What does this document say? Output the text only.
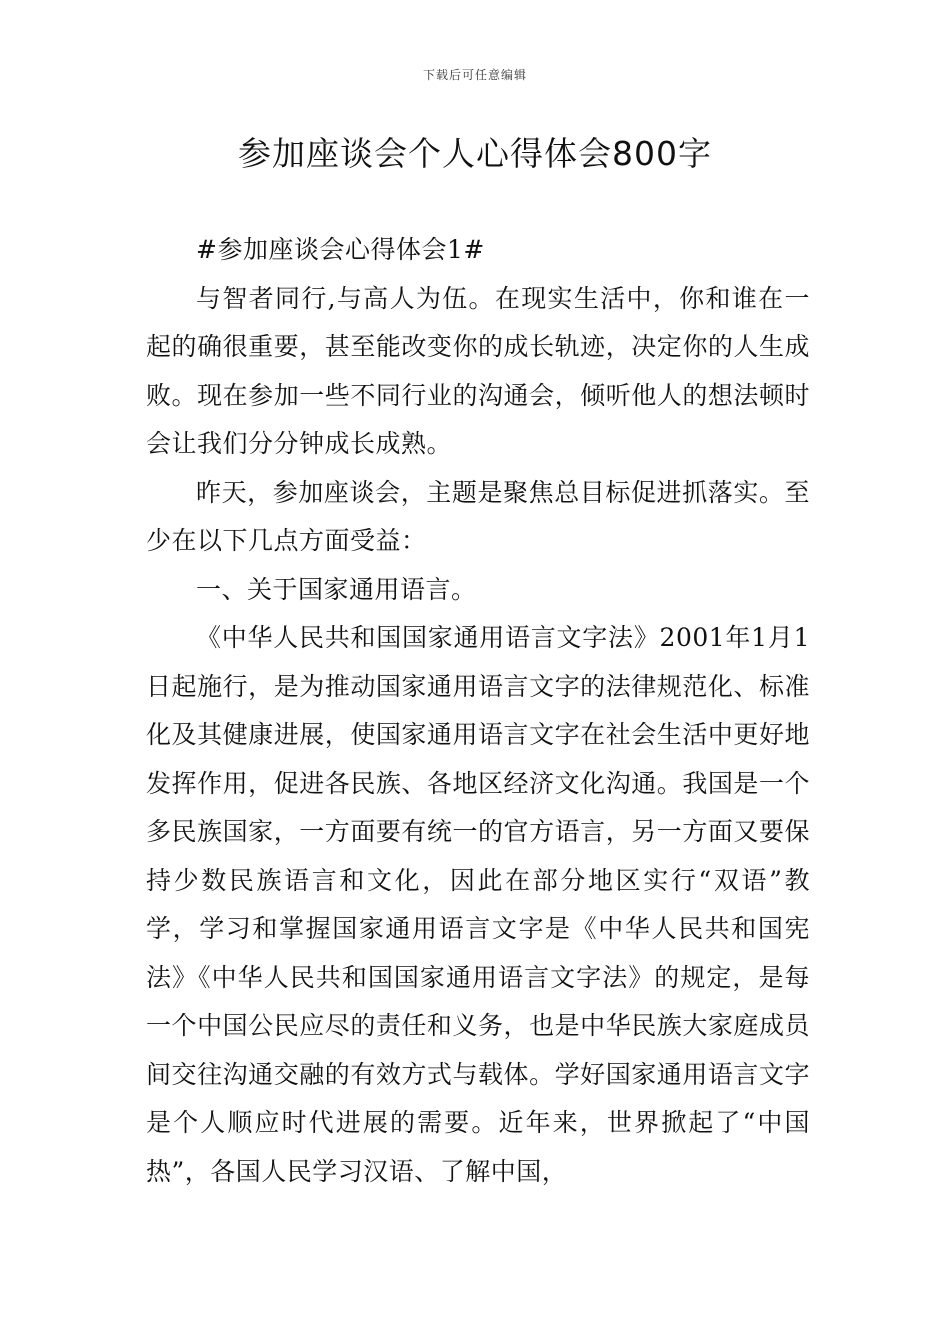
下载后可任意编辑
参加座谈会个人心得体会800字

#参加座谈会心得体会1#

与智者同行,与高人为伍。在现实生活中，你和谁在一起的确很重要，甚至能改变你的成长轨迹，决定你的人生成败。现在参加一些不同行业的沟通会，倾听他人的想法顿时会让我们分分钟成长成熟。

昨天，参加座谈会，主题是聚焦总目标促进抓落实。至少在以下几点方面受益：

一、关于国家通用语言。

《中华人民共和国国家通用语言文字法》2001年1月1日起施行，是为推动国家通用语言文字的法律规范化、标准化及其健康进展，使国家通用语言文字在社会生活中更好地发挥作用，促进各民族、各地区经济文化沟通。我国是一个多民族国家，一方面要有统一的官方语言，另一方面又要保持少数民族语言和文化，因此在部分地区实行“双语”教学，学习和掌握国家通用语言文字是《中华人民共和国宪法》《中华人民共和国国家通用语言文字法》的规定，是每一个中国公民应尽的责任和义务，也是中华民族大家庭成员间交往沟通交融的有效方式与载体。学好国家通用语言文字是个人顺应时代进展的需要。近年来，世界掀起了“中国热”，各国人民学习汉语、了解中国，
